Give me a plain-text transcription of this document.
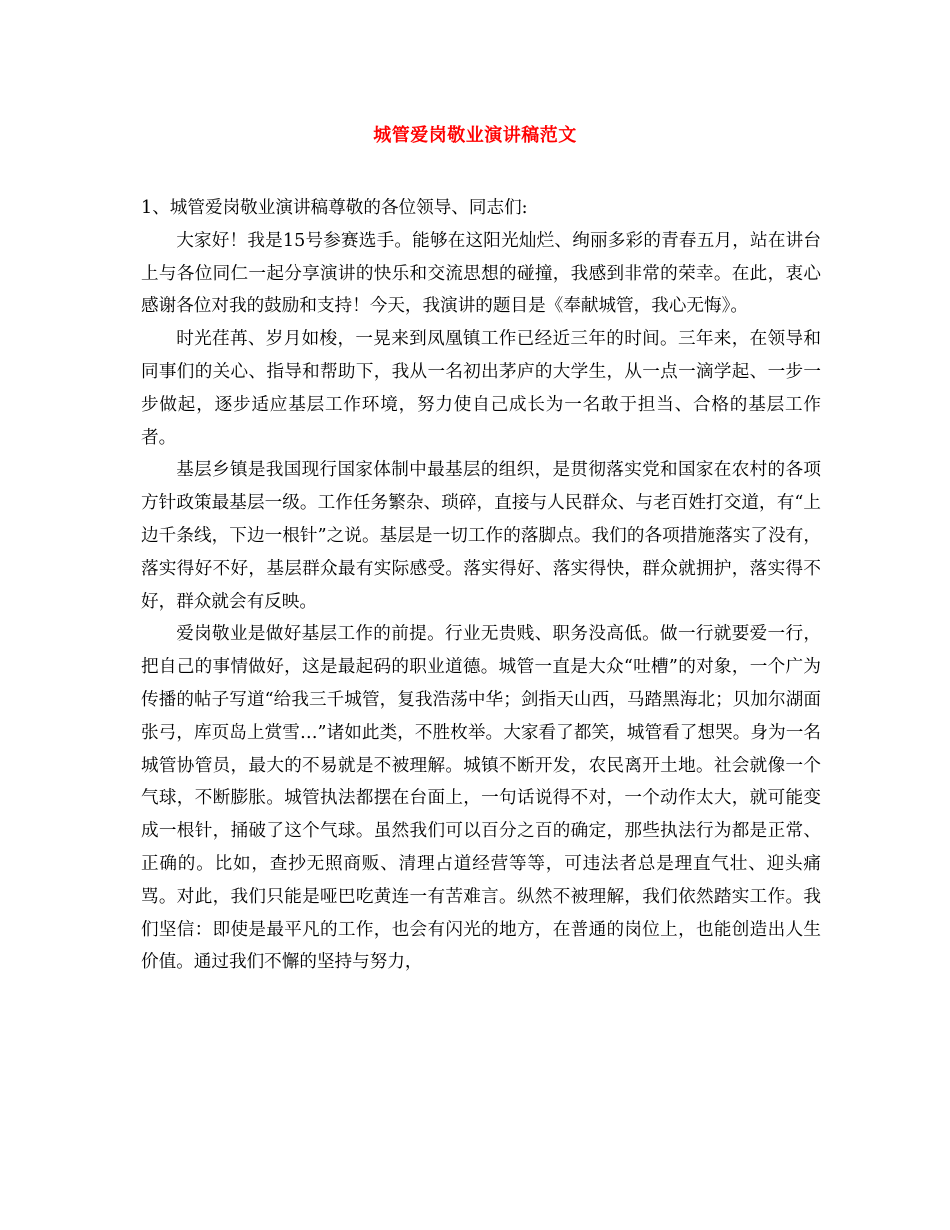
城管爱岗敬业演讲稿范文

1、城管爱岗敬业演讲稿尊敬的各位领导、同志们:

大家好！我是15号参赛选手。能够在这阳光灿烂、绚丽多彩的青春五月，站在讲台上与各位同仁一起分享演讲的快乐和交流思想的碰撞，我感到非常的荣幸。在此，衷心感谢各位对我的鼓励和支持！今天，我演讲的题目是《奉献城管，我心无悔》。

时光荏苒、岁月如梭，一晃来到凤凰镇工作已经近三年的时间。三年来，在领导和同事们的关心、指导和帮助下，我从一名初出茅庐的大学生，从一点一滴学起、一步一步做起，逐步适应基层工作环境，努力使自己成长为一名敢于担当、合格的基层工作者。

基层乡镇是我国现行国家体制中最基层的组织，是贯彻落实党和国家在农村的各项方针政策最基层一级。工作任务繁杂、琐碎，直接与人民群众、与老百姓打交道，有“上边千条线，下边一根针”之说。基层是一切工作的落脚点。我们的各项措施落实了没有，落实得好不好，基层群众最有实际感受。落实得好、落实得快，群众就拥护，落实得不好，群众就会有反映。

爱岗敬业是做好基层工作的前提。行业无贵贱、职务没高低。做一行就要爱一行，把自己的事情做好，这是最起码的职业道德。城管一直是大众“吐槽”的对象，一个广为传播的帖子写道“给我三千城管，复我浩荡中华；剑指天山西，马踏黑海北；贝加尔湖面张弓，库页岛上赏雪…”诸如此类，不胜枚举。大家看了都笑，城管看了想哭。身为一名城管协管员，最大的不易就是不被理解。城镇不断开发，农民离开土地。社会就像一个气球，不断膨胀。城管执法都摆在台面上，一句话说得不对，一个动作太大，就可能变成一根针，捅破了这个气球。虽然我们可以百分之百的确定，那些执法行为都是正常、正确的。比如，查抄无照商贩、清理占道经营等等，可违法者总是理直气壮、迎头痛骂。对此，我们只能是哑巴吃黄连一有苦难言。纵然不被理解，我们依然踏实工作。我们坚信：即使是最平凡的工作，也会有闪光的地方，在普通的岗位上，也能创造出人生价值。通过我们不懈的坚持与努力，
